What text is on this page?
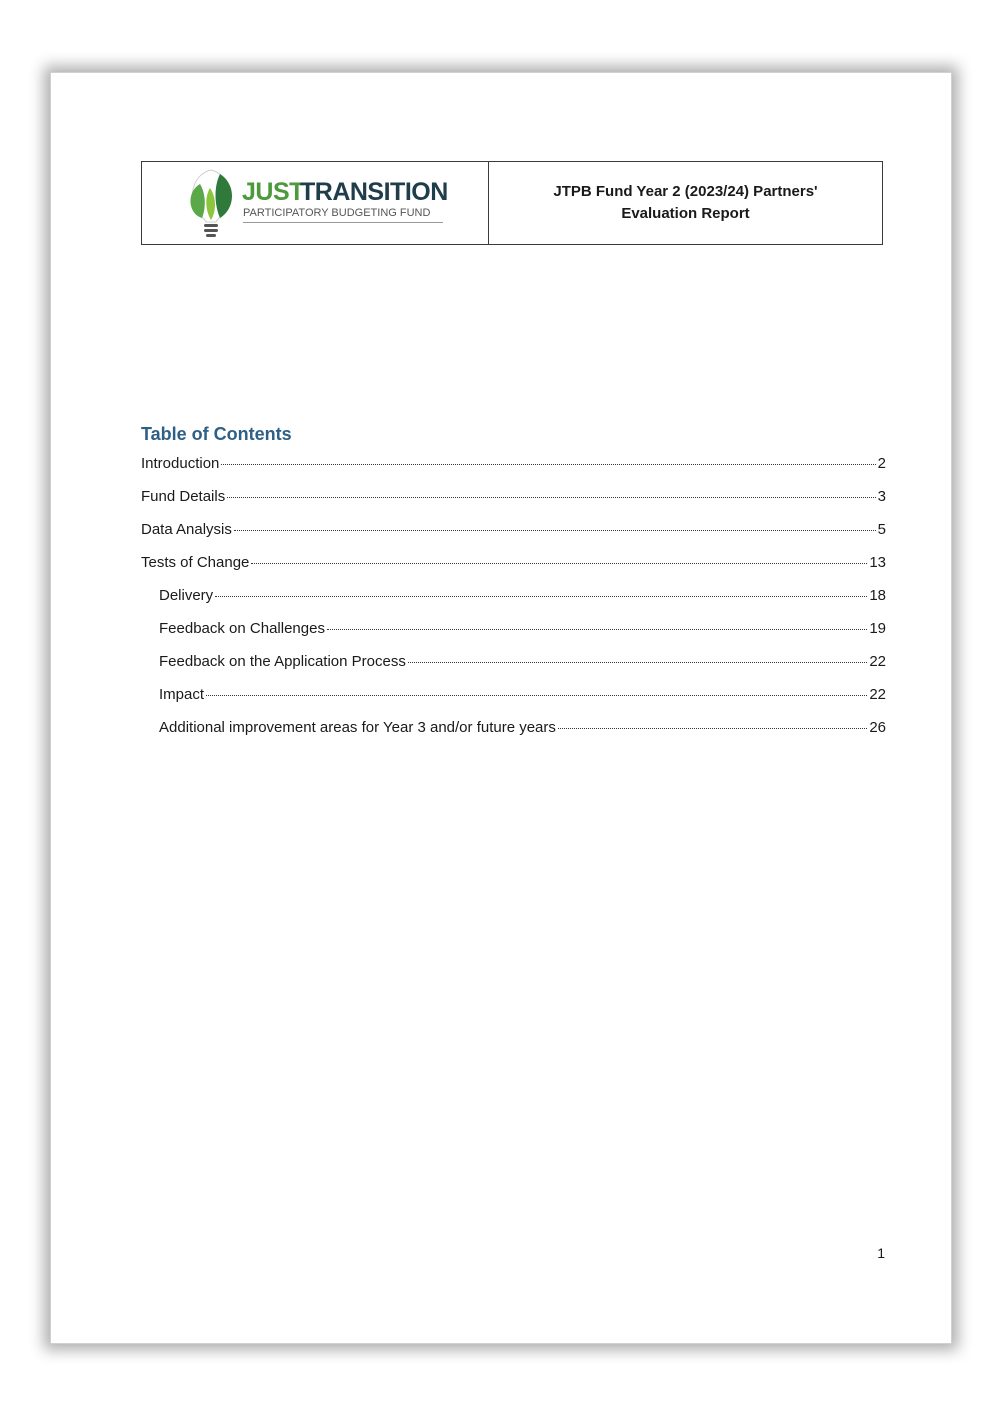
JUST
TRANSITION
PARTICIPATORY BUDGETING FUND
JTPB Fund Year 2 (2023/24) Partners' Evaluation Report
Table of Contents
Introduction	2
Fund Details	3
Data Analysis	5
Tests of Change	13
Delivery	18
Feedback on Challenges	19
Feedback on the Application Process	22
Impact	22
Additional improvement areas for Year 3 and/or future years	26
1
